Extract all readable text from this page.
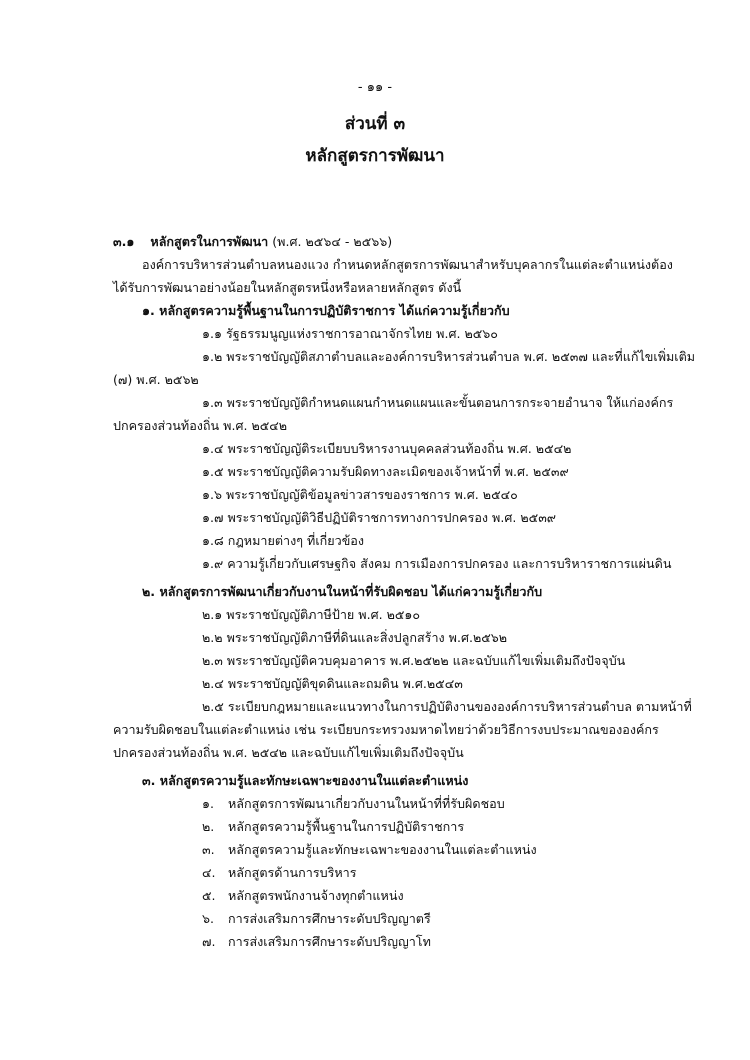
- ๑๑ -
ส่วนที่ ๓
หลักสูตรการพัฒนา
๓.๑ หลักสูตรในการพัฒนา (พ.ศ. ๒๕๖๔ - ๒๕๖๖)
องค์การบริหารส่วนตำบลหนองแวง กำหนดหลักสูตรการพัฒนาสำหรับบุคลากรในแต่ละตำแหน่งต้อง
ได้รับการพัฒนาอย่างน้อยในหลักสูตรหนึ่งหรือหลายหลักสูตร ดังนี้
๑. หลักสูตรความรู้พื้นฐานในการปฏิบัติราชการ ได้แก่ความรู้เกี่ยวกับ
๑.๑ รัฐธรรมนูญแห่งราชการอาณาจักรไทย พ.ศ. ๒๕๖๐
๑.๒ พระราชบัญญัติสภาตำบลและองค์การบริหารส่วนตำบล พ.ศ. ๒๕๓๗ และที่แก้ไขเพิ่มเติม
(๗) พ.ศ. ๒๕๖๒
๑.๓ พระราชบัญญัติกำหนดแผนกำหนดแผนและขั้นตอนการกระจายอำนาจ ให้แก่องค์กร
ปกครองส่วนท้องถิ่น พ.ศ. ๒๕๔๒
๑.๔ พระราชบัญญัติระเบียบบริหารงานบุคคลส่วนท้องถิ่น พ.ศ. ๒๕๔๒
๑.๕ พระราชบัญญัติความรับผิดทางละเมิดของเจ้าหน้าที่ พ.ศ. ๒๕๓๙
๑.๖ พระราชบัญญัติข้อมูลข่าวสารของราชการ พ.ศ. ๒๕๔๐
๑.๗ พระราชบัญญัติวิธีปฏิบัติราชการทางการปกครอง พ.ศ. ๒๕๓๙
๑.๘ กฎหมายต่างๆ ที่เกี่ยวข้อง
๑.๙ ความรู้เกี่ยวกับเศรษฐกิจ สังคม การเมืองการปกครอง และการบริหาราชการแผ่นดิน
๒. หลักสูตรการพัฒนาเกี่ยวกับงานในหน้าที่รับผิดชอบ ได้แก่ความรู้เกี่ยวกับ
๒.๑ พระราชบัญญัติภาษีป้าย พ.ศ. ๒๕๑๐
๒.๒ พระราชบัญญัติภาษีที่ดินและสิ่งปลูกสร้าง พ.ศ.๒๕๖๒
๒.๓ พระราชบัญญัติควบคุมอาคาร พ.ศ.๒๕๒๒ และฉบับแก้ไขเพิ่มเติมถึงปัจจุบัน
๒.๔ พระราชบัญญัติขุดดินและถมดิน พ.ศ.๒๕๔๓
๒.๕ ระเบียบกฎหมายและแนวทางในการปฏิบัติงานขององค์การบริหารส่วนตำบล ตามหน้าที่
ความรับผิดชอบในแต่ละตำแหน่ง เช่น ระเบียบกระทรวงมหาดไทยว่าด้วยวิธีการงบประมาณขององค์กร
ปกครองส่วนท้องถิ่น พ.ศ. ๒๕๔๒ และฉบับแก้ไขเพิ่มเติมถึงปัจจุบัน
๓. หลักสูตรความรู้และทักษะเฉพาะของงานในแต่ละตำแหน่ง
๑. หลักสูตรการพัฒนาเกี่ยวกับงานในหน้าที่ที่รับผิดชอบ
๒. หลักสูตรความรู้พื้นฐานในการปฏิบัติราชการ
๓. หลักสูตรความรู้และทักษะเฉพาะของงานในแต่ละตำแหน่ง
๔. หลักสูตรด้านการบริหาร
๕. หลักสูตรพนักงานจ้างทุกตำแหน่ง
๖. การส่งเสริมการศึกษาระดับปริญญาตรี
๗. การส่งเสริมการศึกษาระดับปริญญาโท
